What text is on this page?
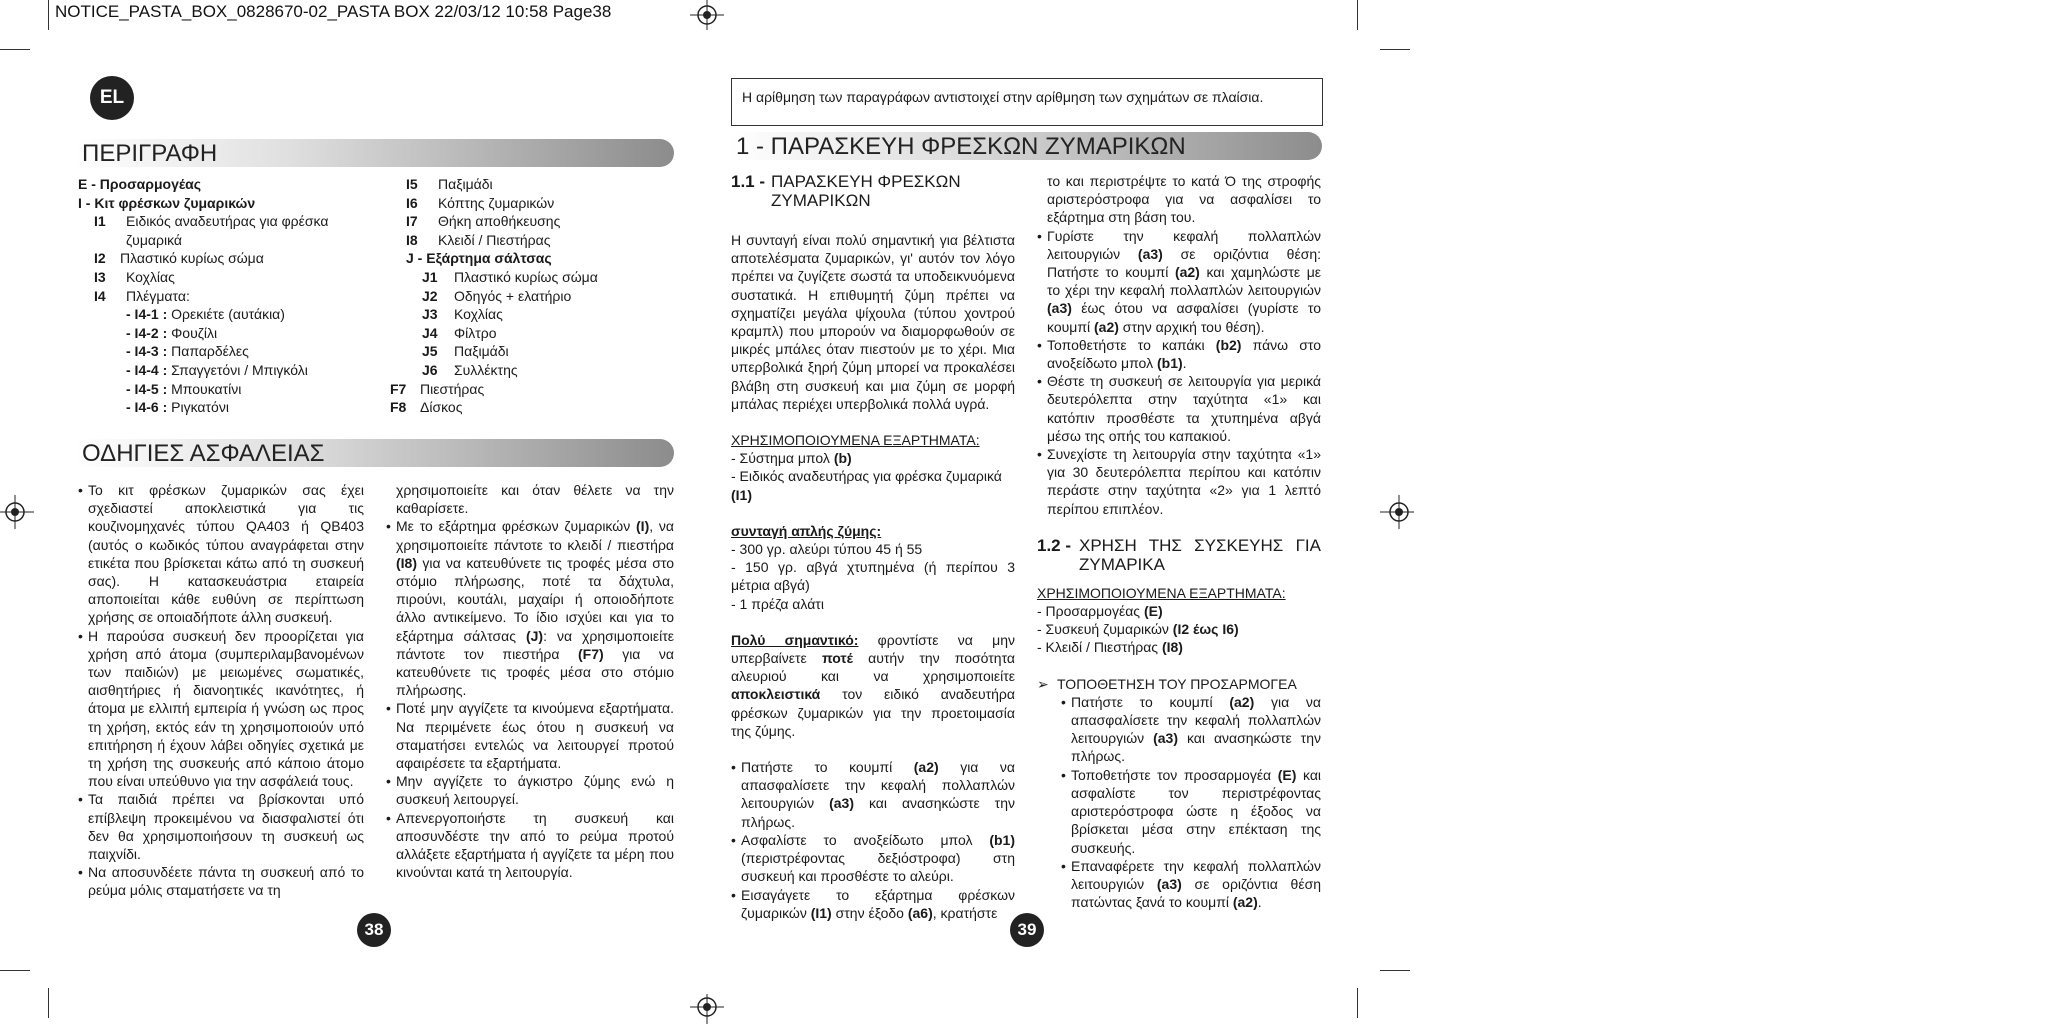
NOTICE_PASTA_BOX_0828670-02_PASTA BOX 22/03/12 10:58 Page38
EL
ΠΕΡΙΓΡΑΦΗ
E - Προσαρμογέας
I - Κιτ φρέσκων ζυμαρικών
I1 Ειδικός αναδευτήρας για φρέσκα
ζυμαρικά
I2 Πλαστικό κυρίως σώμα
I3 Κοχλίας
I4 Πλέγματα:
- I4-1 : Ορεκιέτε (αυτάκια)
- I4-2 : Φουζίλι
- I4-3 : Παπαρδέλες
- I4-4 : Σπαγγετόνι / Μπιγκόλι
- I4-5 : Μπουκατίνι
- I4-6 : Ριγκατόνι
I5 Παξιμάδι
I6 Κόπτης ζυμαρικών
I7 Θήκη αποθήκευσης
I8 Κλειδί / Πιεστήρας
J - Εξάρτημα σάλτσας
J1 Πλαστικό κυρίως σώμα
J2 Οδηγός + ελατήριο
J3 Κοχλίας
J4 Φίλτρο
J5 Παξιμάδι
J6 Συλλέκτης
F7 Πιεστήρας
F8 Δίσκος
ΟΔΗΓΙΕΣ ΑΣΦΑΛΕΙΑΣ

• Το κιτ φρέσκων ζυμαρικών σας έχει σχεδιαστεί αποκλειστικά για τις κουζινομηχανές τύπου QA403 ή QB403 (αυτός ο κωδικός τύπου αναγράφεται στην ετικέτα που βρίσκεται κάτω από τη συσκευή σας). Η κατασκευάστρια εταιρεία αποποιείται κάθε ευθύνη σε περίπτωση χρήσης σε οποιαδήποτε άλλη συσκευή.

• Η παρούσα συσκευή δεν προορίζεται για χρήση από άτομα (συμπεριλαμβανομένων των παιδιών) με μειωμένες σωματικές, αισθητήριες ή διανοητικές ικανότητες, ή άτομα με ελλιπή εμπειρία ή γνώση ως προς τη χρήση, εκτός εάν τη χρησιμοποιούν υπό επιτήρηση ή έχουν λάβει οδηγίες σχετικά με τη χρήση της συσκευής από κάποιο άτομο που είναι υπεύθυνο για την ασφάλειά τους.

• Τα παιδιά πρέπει να βρίσκονται υπό επίβλεψη προκειμένου να διασφαλιστεί ότι δεν θα χρησιμοποιήσουν τη συσκευή ως παιχνίδι.

• Να αποσυνδέετε πάντα τη συσκευή από το ρεύμα μόλις σταματήσετε να τη

χρησιμοποιείτε και όταν θέλετε να την καθαρίσετε.

• Με το εξάρτημα φρέσκων ζυμαρικών (I), να χρησιμοποιείτε πάντοτε το κλειδί / πιεστήρα (I8) για να κατευθύνετε τις τροφές μέσα στο στόμιο πλήρωσης, ποτέ τα δάχτυλα, πιρούνι, κουτάλι, μαχαίρι ή οποιοδήποτε άλλο αντικείμενο. Το ίδιο ισχύει και για το εξάρτημα σάλτσας (J): να χρησιμοποιείτε πάντοτε τον πιεστήρα (F7) για να κατευθύνετε τις τροφές μέσα στο στόμιο πλήρωσης.

• Ποτέ μην αγγίζετε τα κινούμενα εξαρτήματα. Να περιμένετε έως ότου η συσκευή να σταματήσει εντελώς να λειτουργεί προτού αφαιρέσετε τα εξαρτήματα.

• Μην αγγίζετε το άγκιστρο ζύμης ενώ η συσκευή λειτουργεί.

• Απενεργοποιήστε τη συσκευή και αποσυνδέστε την από το ρεύμα προτού αλλάξετε εξαρτήματα ή αγγίζετε τα μέρη που κινούνται κατά τη λειτουργία.

38	39
Η αρίθμηση των παραγράφων αντιστοιχεί στην αρίθμηση των σχημάτων σε πλαίσια.
1 - ΠΑΡΑΣΚΕΥΗ ΦΡΕΣΚΩΝ ΖΥΜΑΡΙΚΩΝ
1.1 - ΠΑΡΑΣΚΕΥΗ ΦΡΕΣΚΩΝ ΖΥΜΑΡΙΚΩΝ

Η συνταγή είναι πολύ σημαντική για βέλτιστα αποτελέσματα ζυμαρικών, γι' αυτόν τον λόγο πρέπει να ζυγίζετε σωστά τα υποδεικνυόμενα συστατικά. Η επιθυμητή ζύμη πρέπει να σχηματίζει μεγάλα ψίχουλα (τύπου χοντρού κραμπλ) που μπορούν να διαμορφωθούν σε μικρές μπάλες όταν πιεστούν με το χέρι. Μια υπερβολικά ξηρή ζύμη μπορεί να προκαλέσει βλάβη στη συσκευή και μια ζύμη σε μορφή μπάλας περιέχει υπερβολικά πολλά υγρά.

ΧΡΗΣΙΜΟΠΟΙΟΥΜΕΝΑ ΕΞΑΡΤΗΜΑΤΑ:

- Σύστημα μπολ (b)

- Ειδικός αναδευτήρας για φρέσκα ζυμαρικά (I1)

συνταγή απλής ζύμης:

- 300 γρ. αλεύρι τύπου 45 ή 55

- 150 γρ. αβγά χτυπημένα (ή περίπου 3 μέτρια αβγά)

- 1 πρέζα αλάτι

Πολύ σημαντικό: φροντίστε να μην υπερβαίνετε ποτέ αυτήν την ποσότητα αλευριού και να χρησιμοποιείτε αποκλειστικά τον ειδικό αναδευτήρα φρέσκων ζυμαρικών για την προετοιμασία της ζύμης.

• Πατήστε το κουμπί (a2) για να απασφαλίσετε την κεφαλή πολλαπλών λειτουργιών (a3) και ανασηκώστε την πλήρως.

• Ασφαλίστε το ανοξείδωτο μπολ (b1) (περιστρέφοντας δεξιόστροφα) στη συσκευή και προσθέστε το αλεύρι.

• Εισαγάγετε το εξάρτημα φρέσκων ζυμαρικών (I1) στην έξοδο (a6), κρατήστε

το και περιστρέψτε το κατά Ό της στροφής αριστερόστροφα για να ασφαλίσει το εξάρτημα στη βάση του.

• Γυρίστε την κεφαλή πολλαπλών λειτουργιών (a3) σε οριζόντια θέση: Πατήστε το κουμπί (a2) και χαμηλώστε με το χέρι την κεφαλή πολλαπλών λειτουργιών (a3) έως ότου να ασφαλίσει (γυρίστε το κουμπί (a2) στην αρχική του θέση).

• Τοποθετήστε το καπάκι (b2) πάνω στο ανοξείδωτο μπολ (b1).

• Θέστε τη συσκευή σε λειτουργία για μερικά δευτερόλεπτα στην ταχύτητα «1» και κατόπιν προσθέστε τα χτυπημένα αβγά μέσω της οπής του καπακιού.

• Συνεχίστε τη λειτουργία στην ταχύτητα «1» για 30 δευτερόλεπτα περίπου και κατόπιν περάστε στην ταχύτητα «2» για 1 λεπτό περίπου επιπλέον.

1.2 - ΧΡΗΣΗ ΤΗΣ ΣΥΣΚΕΥΗΣ ΓΙΑ ΖΥΜΑΡΙΚΑ

ΧΡΗΣΙΜΟΠΟΙΟΥΜΕΝΑ ΕΞΑΡΤΗΜΑΤΑ:

- Προσαρμογέας (E)

- Συσκευή ζυμαρικών (I2 έως I6)

- Κλειδί / Πιεστήρας (I8)

➢ ΤΟΠΟΘΕΤΗΣΗ ΤΟΥ ΠΡΟΣΑΡΜΟΓΕΑ

• Πατήστε το κουμπί (a2) για να απασφαλίσετε την κεφαλή πολλαπλών λειτουργιών (a3) και ανασηκώστε την πλήρως.

• Τοποθετήστε τον προσαρμογέα (E) και ασφαλίστε τον περιστρέφοντας αριστερόστροφα ώστε η έξοδος να βρίσκεται μέσα στην επέκταση της συσκευής.

• Επαναφέρετε την κεφαλή πολλαπλών λειτουργιών (a3) σε οριζόντια θέση πατώντας ξανά το κουμπί (a2).
